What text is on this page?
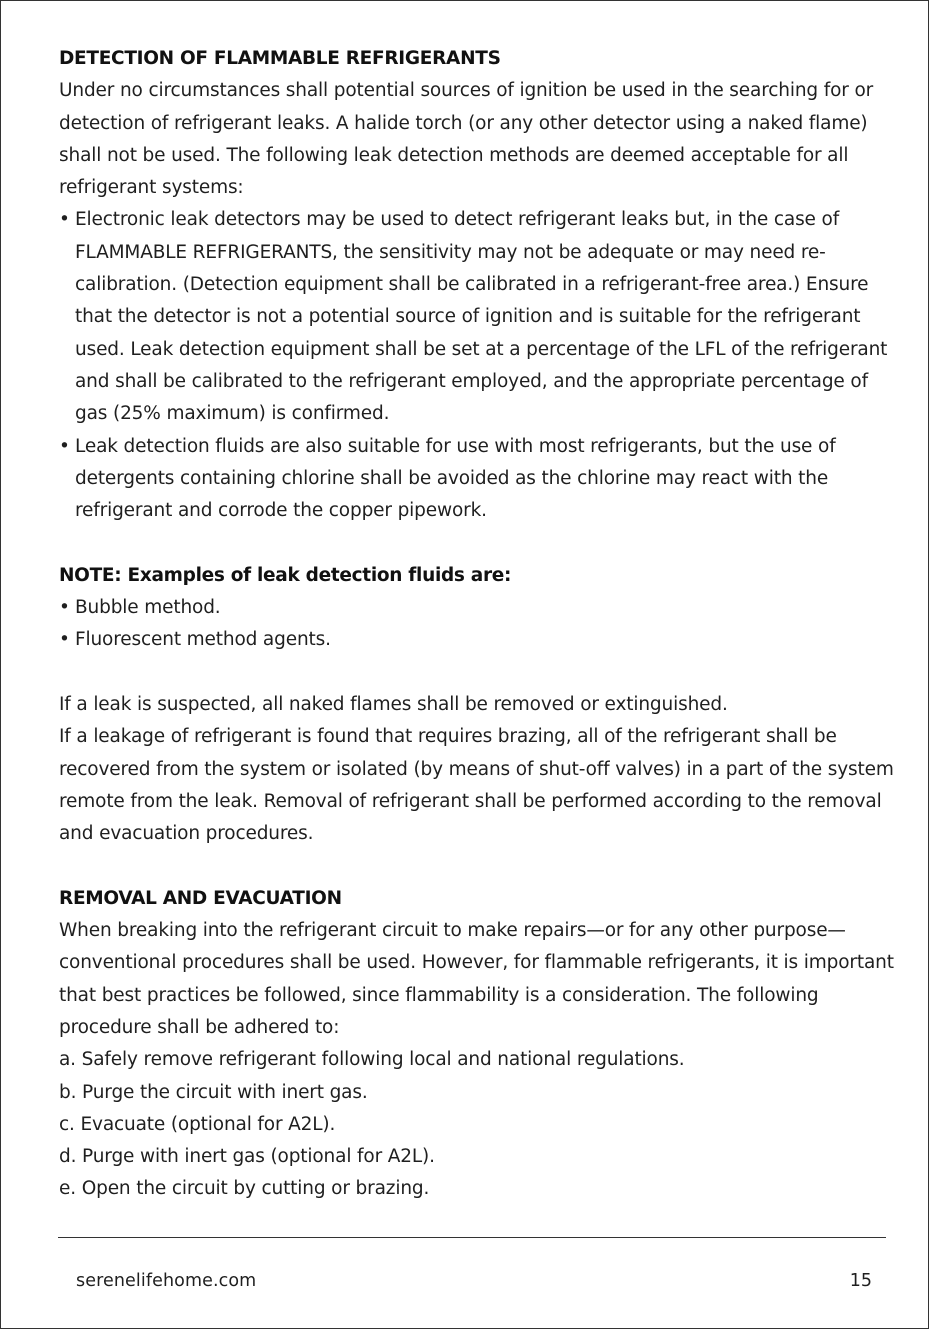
DETECTION OF FLAMMABLE REFRIGERANTS

Under no circumstances shall potential sources of ignition be used in the searching for or detection of refrigerant leaks. A halide torch (or any other detector using a naked flame) shall not be used. The following leak detection methods are deemed acceptable for all refrigerant systems:

• Electronic leak detectors may be used to detect refrigerant leaks but, in the case of FLAMMABLE REFRIGERANTS, the sensitivity may not be adequate or may need re-calibration. (Detection equipment shall be calibrated in a refrigerant-free area.) Ensure that the detector is not a potential source of ignition and is suitable for the refrigerant used. Leak detection equipment shall be set at a percentage of the LFL of the refrigerant and shall be calibrated to the refrigerant employed, and the appropriate percentage of gas (25% maximum) is confirmed.
• Leak detection fluids are also suitable for use with most refrigerants, but the use of detergents containing chlorine shall be avoided as the chlorine may react with the refrigerant and corrode the copper pipework.
NOTE: Examples of leak detection fluids are:
• Bubble method.
• Fluorescent method agents.

If a leak is suspected, all naked flames shall be removed or extinguished.

If a leakage of refrigerant is found that requires brazing, all of the refrigerant shall be recovered from the system or isolated (by means of shut-off valves) in a part of the system remote from the leak. Removal of refrigerant shall be performed according to the removal and evacuation procedures.

REMOVAL AND EVACUATION

When breaking into the refrigerant circuit to make repairs—or for any other purpose—conventional procedures shall be used. However, for flammable refrigerants, it is important that best practices be followed, since flammability is a consideration. The following procedure shall be adhered to:

a. Safely remove refrigerant following local and national regulations.
b. Purge the circuit with inert gas.
c. Evacuate (optional for A2L).
d. Purge with inert gas (optional for A2L).
e. Open the circuit by cutting or brazing.
serenelifehome.com	15
